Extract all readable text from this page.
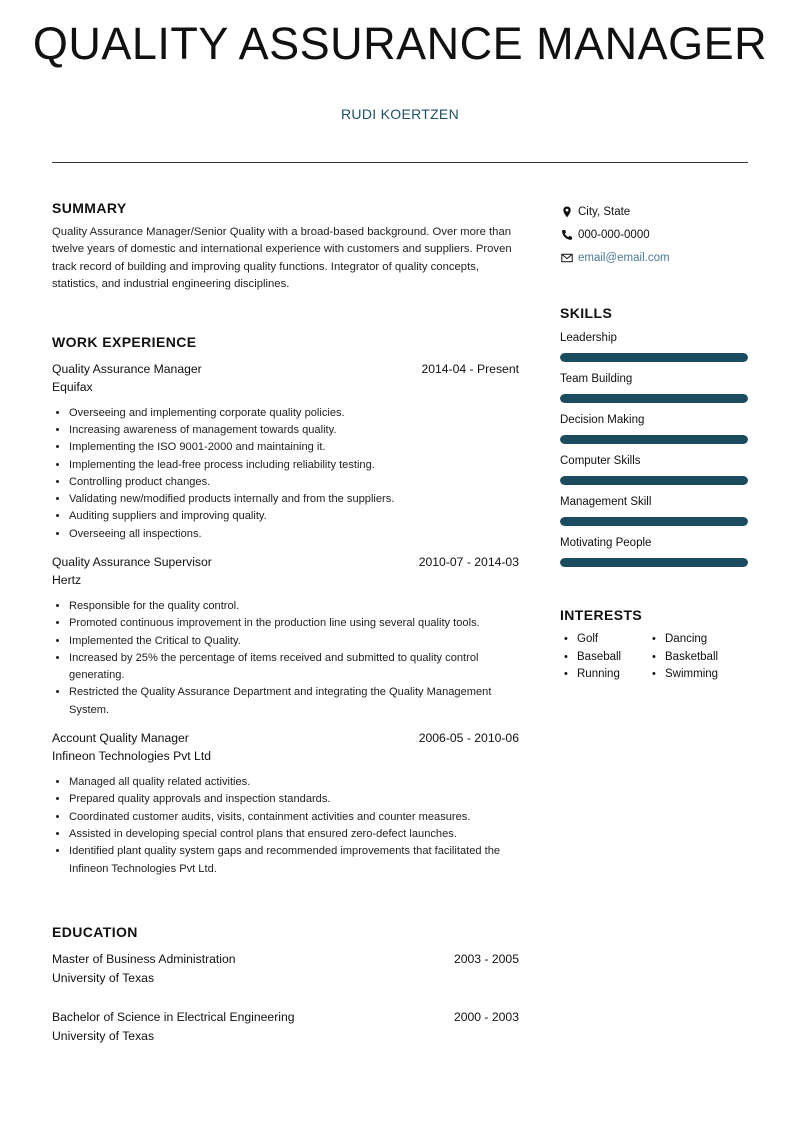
QUALITY ASSURANCE MANAGER
RUDI KOERTZEN
SUMMARY
Quality Assurance Manager/Senior Quality with a broad-based background. Over more than twelve years of domestic and international experience with customers and suppliers. Proven track record of building and improving quality functions. Integrator of quality concepts, statistics, and industrial engineering disciplines.
WORK EXPERIENCE
Quality Assurance Manager	2014-04 - Present
Equifax
• Overseeing and implementing corporate quality policies.
• Increasing awareness of management towards quality.
• Implementing the ISO 9001-2000 and maintaining it.
• Implementing the lead-free process including reliability testing.
• Controlling product changes.
• Validating new/modified products internally and from the suppliers.
• Auditing suppliers and improving quality.
• Overseeing all inspections.
Quality Assurance Supervisor	2010-07 - 2014-03
Hertz
• Responsible for the quality control.
• Promoted continuous improvement in the production line using several quality tools.
• Implemented the Critical to Quality.
• Increased by 25% the percentage of items received and submitted to quality control generating.
• Restricted the Quality Assurance Department and integrating the Quality Management System.
Account Quality Manager	2006-05 - 2010-06
Infineon Technologies Pvt Ltd
• Managed all quality related activities.
• Prepared quality approvals and inspection standards.
• Coordinated customer audits, visits, containment activities and counter measures.
• Assisted in developing special control plans that ensured zero-defect launches.
• Identified plant quality system gaps and recommended improvements that facilitated the Infineon Technologies Pvt Ltd.
EDUCATION
Master of Business Administration	2003 - 2005
University of Texas
Bachelor of Science in Electrical Engineering	2000 - 2003
University of Texas
City, State
000-000-0000
email@email.com
SKILLS
Leadership
Team Building
Decision Making
Computer Skills
Management Skill
Motivating People
INTERESTS
• Golf	• Dancing
• Baseball	• Basketball
• Running	• Swimming
